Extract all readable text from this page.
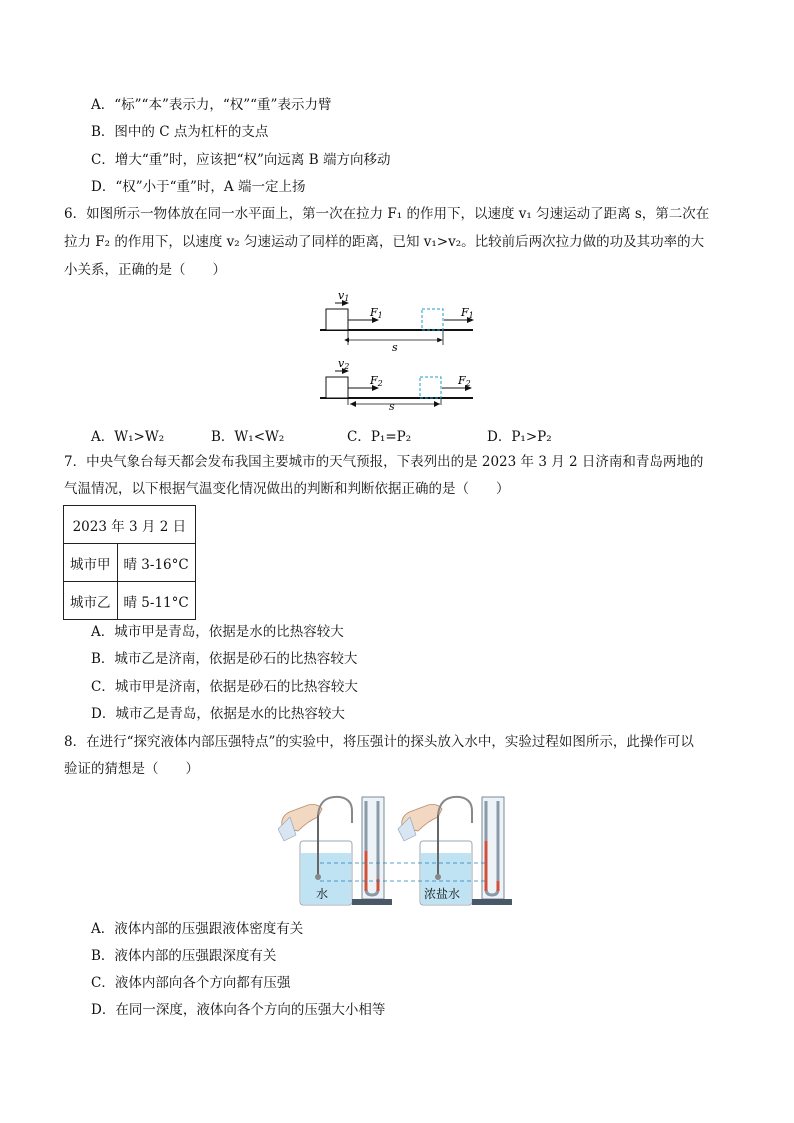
A．“标”“本”表示力，“权”“重”表示力臂
B．图中的 C 点为杠杆的支点
C．增大“重”时，应该把“权”向远离 B 端方向移动
D．“权”小于“重”时，A 端一定上扬
6．如图所示一物体放在同一水平面上，第一次在拉力 F₁ 的作用下，以速度 v₁ 匀速运动了距离 s，第二次在
拉力 F₂ 的作用下，以速度 v₂ 匀速运动了同样的距离，已知 v₁>v₂。比较前后两次拉力做的功及其功率的大
小关系，正确的是（　　）
v1
F1	F1
s
v2
F2	F2
s
A．W₁>W₂	B．W₁<W₂	C．P₁=P₂	D．P₁>P₂
7．中央气象台每天都会发布我国主要城市的天气预报，下表列出的是 2023 年 3 月 2 日济南和青岛两地的
气温情况，以下根据气温变化情况做出的判断和判断依据正确的是（　　）
2023 年 3 月 2 日	
城市甲	晴 3-16°C
城市乙	晴 5-11°C
A．城市甲是青岛，依据是水的比热容较大
B．城市乙是济南，依据是砂石的比热容较大
C．城市甲是济南，依据是砂石的比热容较大
D．城市乙是青岛，依据是水的比热容较大
8．在进行“探究液体内部压强特点”的实验中，将压强计的探头放入水中，实验过程如图所示，此操作可以
验证的猜想是（　　）
水	浓盐水
A．液体内部的压强跟液体密度有关
B．液体内部的压强跟深度有关
C．液体内部向各个方向都有压强
D．在同一深度，液体向各个方向的压强大小相等
